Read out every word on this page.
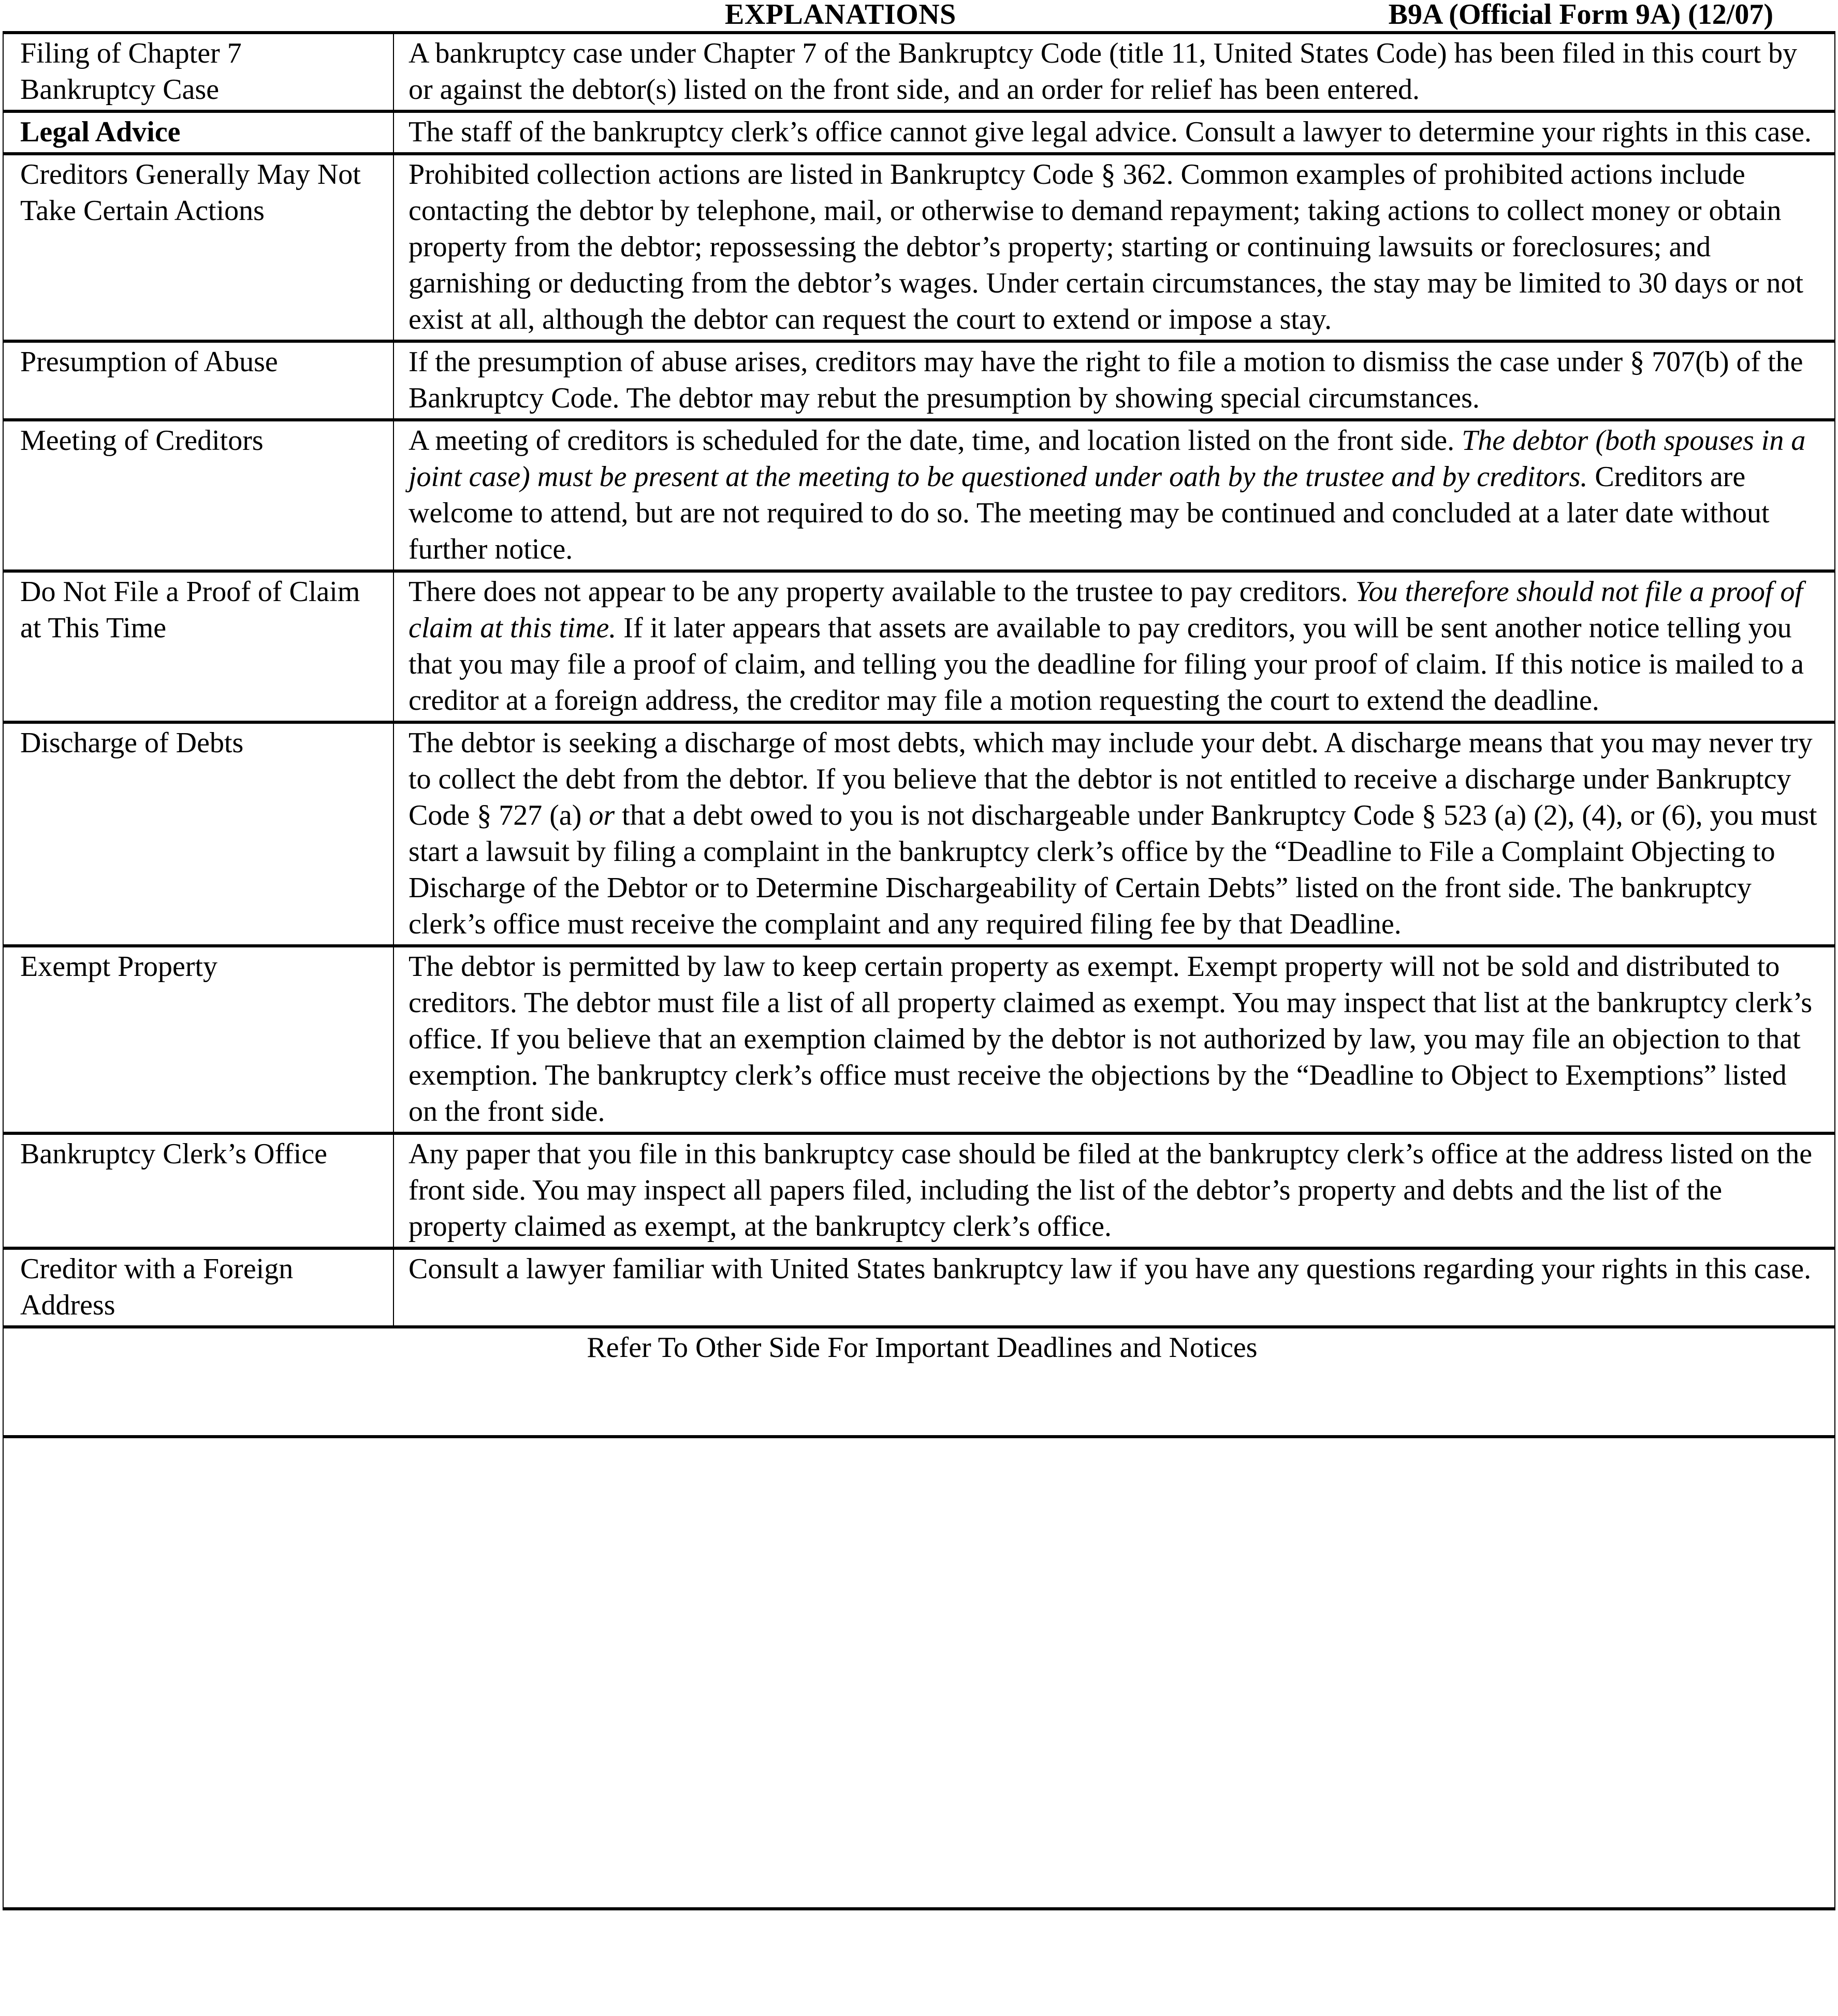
EXPLANATIONS	B9A (Official Form 9A) (12/07)
Filing of Chapter 7 Bankruptcy Case	A bankruptcy case under Chapter 7 of the Bankruptcy Code (title 11, United States Code) has been filed in this court by or against the debtor(s) listed on the front side, and an order for relief has been entered.
Legal Advice	The staff of the bankruptcy clerk’s office cannot give legal advice. Consult a lawyer to determine your rights in this case.
Creditors Generally May Not Take Certain Actions	Prohibited collection actions are listed in Bankruptcy Code § 362. Common examples of prohibited actions include contacting the debtor by telephone, mail, or otherwise to demand repayment; taking actions to collect money or obtain property from the debtor; repossessing the debtor’s property; starting or continuing lawsuits or foreclosures; and garnishing or deducting from the debtor’s wages. Under certain circumstances, the stay may be limited to 30 days or not exist at all, although the debtor can request the court to extend or impose a stay.
Presumption of Abuse	If the presumption of abuse arises, creditors may have the right to file a motion to dismiss the case under § 707(b) of the Bankruptcy Code. The debtor may rebut the presumption by showing special circumstances.
Meeting of Creditors	A meeting of creditors is scheduled for the date, time, and location listed on the front side. The debtor (both spouses in a joint case) must be present at the meeting to be questioned under oath by the trustee and by creditors. Creditors are welcome to attend, but are not required to do so. The meeting may be continued and concluded at a later date without further notice.
Do Not File a Proof of Claim at This Time	There does not appear to be any property available to the trustee to pay creditors. You therefore should not file a proof of claim at this time. If it later appears that assets are available to pay creditors, you will be sent another notice telling you that you may file a proof of claim, and telling you the deadline for filing your proof of claim. If this notice is mailed to a creditor at a foreign address, the creditor may file a motion requesting the court to extend the deadline.
Discharge of Debts	The debtor is seeking a discharge of most debts, which may include your debt. A discharge means that you may never try to collect the debt from the debtor. If you believe that the debtor is not entitled to receive a discharge under Bankruptcy Code § 727 (a) or that a debt owed to you is not dischargeable under Bankruptcy Code § 523 (a) (2), (4), or (6), you must start a lawsuit by filing a complaint in the bankruptcy clerk’s office by the “Deadline to File a Complaint Objecting to Discharge of the Debtor or to Determine Dischargeability of Certain Debts” listed on the front side. The bankruptcy clerk’s office must receive the complaint and any required filing fee by that Deadline.
Exempt Property	The debtor is permitted by law to keep certain property as exempt. Exempt property will not be sold and distributed to creditors. The debtor must file a list of all property claimed as exempt. You may inspect that list at the bankruptcy clerk’s office. If you believe that an exemption claimed by the debtor is not authorized by law, you may file an objection to that exemption. The bankruptcy clerk’s office must receive the objections by the “Deadline to Object to Exemptions” listed on the front side.
Bankruptcy Clerk’s Office	Any paper that you file in this bankruptcy case should be filed at the bankruptcy clerk’s office at the address listed on the front side. You may inspect all papers filed, including the list of the debtor’s property and debts and the list of the property claimed as exempt, at the bankruptcy clerk’s office.
Creditor with a Foreign Address	Consult a lawyer familiar with United States bankruptcy law if you have any questions regarding your rights in this case.
Refer To Other Side For Important Deadlines and Notices	
